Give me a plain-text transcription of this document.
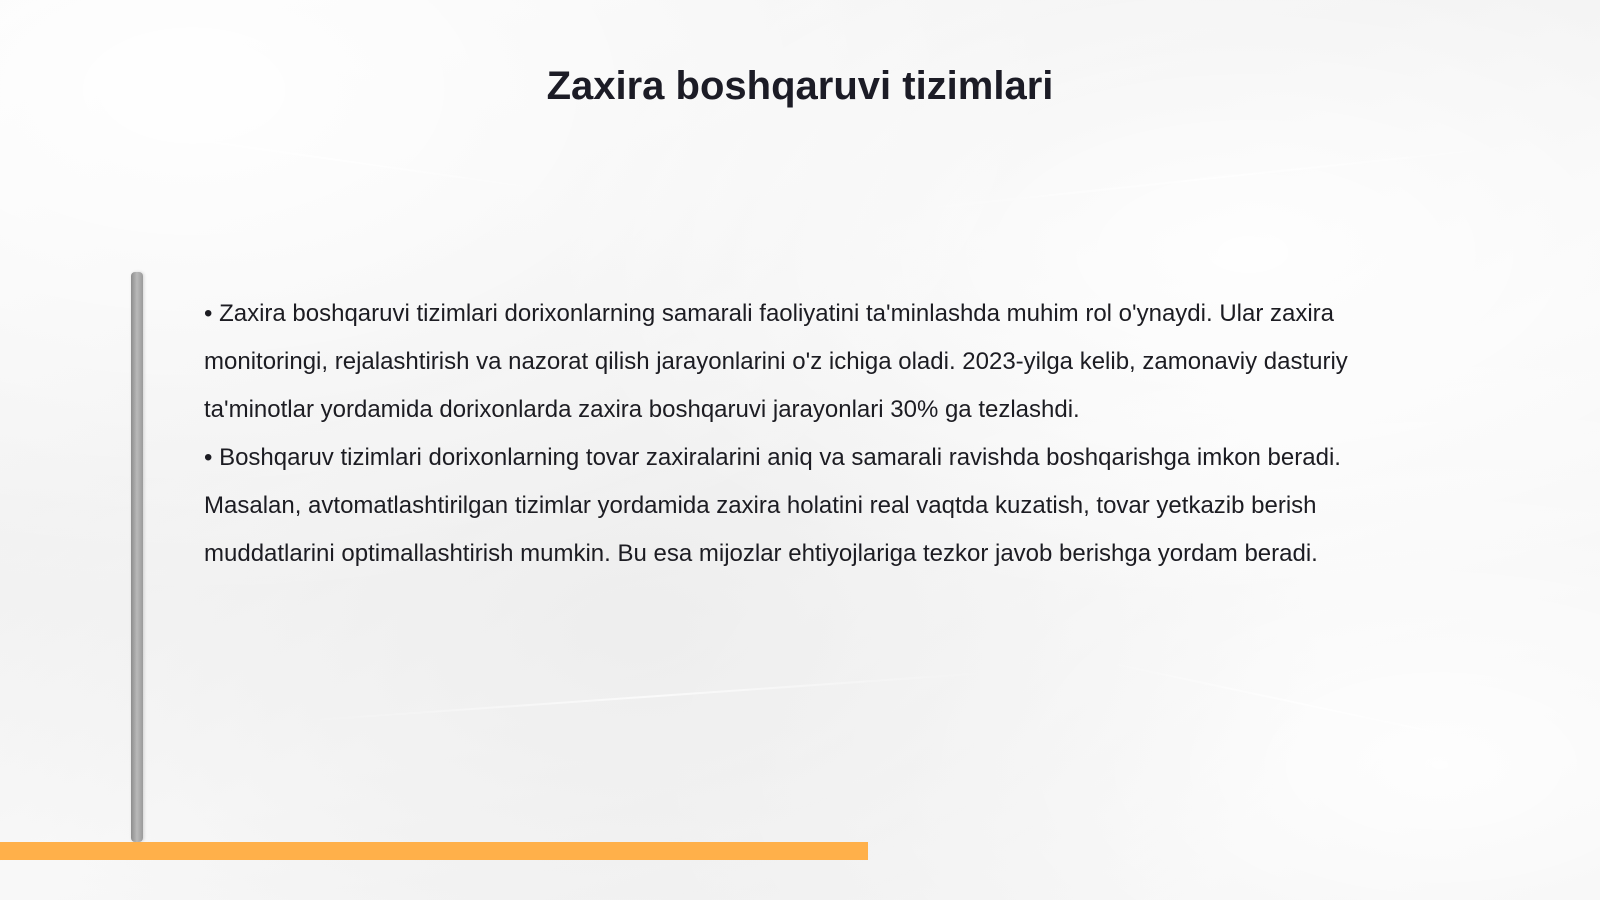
Zaxira boshqaruvi tizimlari

• Zaxira boshqaruvi tizimlari dorixonlarning samarali faoliyatini ta'minlashda muhim rol o'ynaydi. Ular zaxira monitoringi, rejalashtirish va nazorat qilish jarayonlarini o'z ichiga oladi. 2023-yilga kelib, zamonaviy dasturiy ta'minotlar yordamida dorixonlarda zaxira boshqaruvi jarayonlari 30% ga tezlashdi.

• Boshqaruv tizimlari dorixonlarning tovar zaxiralarini aniq va samarali ravishda boshqarishga imkon beradi. Masalan, avtomatlashtirilgan tizimlar yordamida zaxira holatini real vaqtda kuzatish, tovar yetkazib berish muddatlarini optimallashtirish mumkin. Bu esa mijozlar ehtiyojlariga tezkor javob berishga yordam beradi.
